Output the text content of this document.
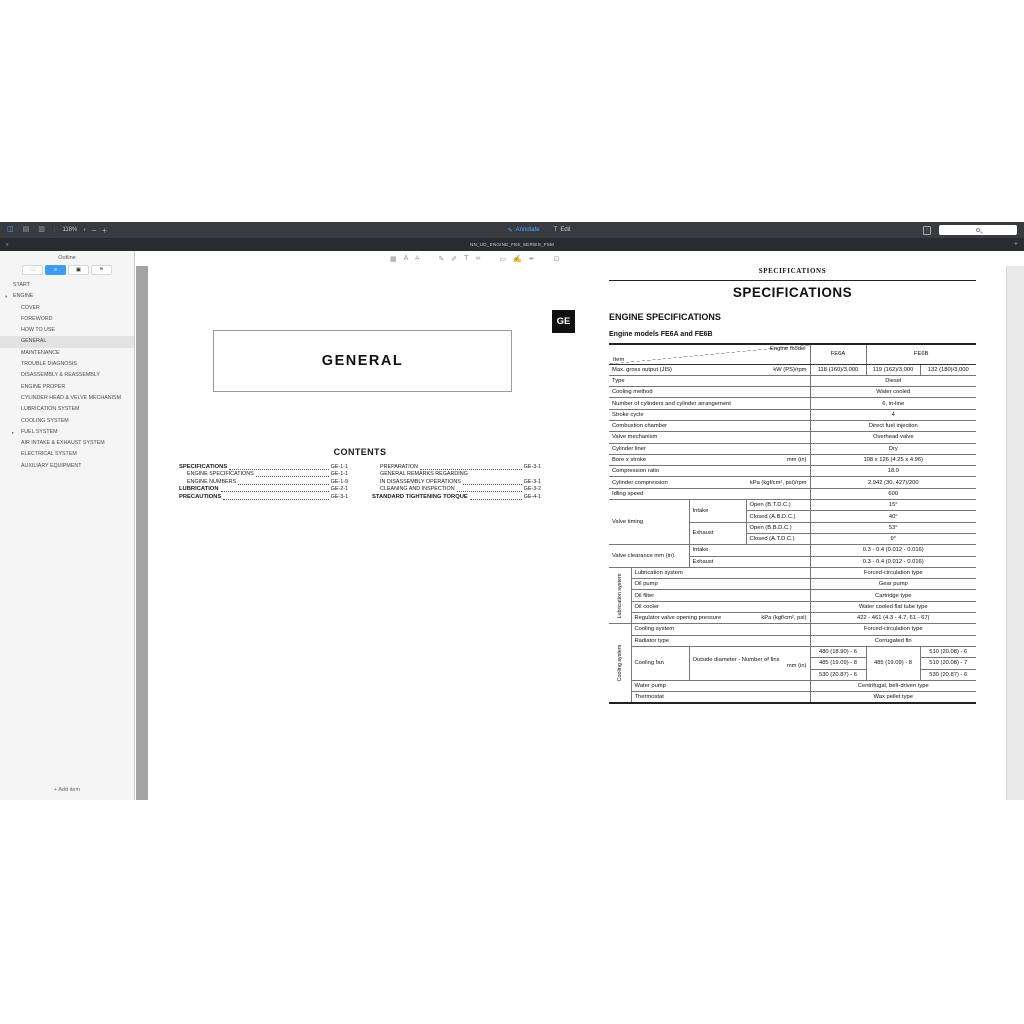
◫ ▤ ▥ | 118% ▾ − +	✎ Annotate T Edit	↑
x	NN_UD_ENGINE_FE6_SERIES_FSM	+
Outline
□	≡	▣	⚑
START
▾ ENGINE
COVER
FOREWORD
HOW TO USE
GENERAL
MAINTENANCE
TROUBLE DIAGNOSIS
DISASSEMBLY & REASSEMBLY
ENGINE PROPER
CYLINDER HEAD & VELVE MECHANISM
LUBRICATION SYSTEM
COOLING SYSTEM
▸ FUEL SYSTEM
AIR INTAKE & EXHAUST SYSTEM
ELECTRICAL SYSTEM
AUXILIARY EQUIPMENT
+ Add item
▦ A A	✎ ✐ T ∞	▭ ✍ ✒	⊡
GENERAL
CONTENTS
SPECIFICATIONS	GE-1-1
ENGINE SPECIFICATIONS	GE-1-1
ENGINE NUMBERS	GE-1-9
LUBRICATION	GE-2-1
PRECAUTIONS	GE-3-1
PREPARATION	GE-3-1
GENERAL REMARKS REGARDING
IN DISASSEMBLY OPERATIONS	GE-3-1
CLEANING AND INSPECTION	GE-3-2
STANDARD TIGHTENING TORQUE	GE-4-1
SPECIFICATIONS
SPECIFICATIONS
GE	ENGINE SPECIFICATIONS
Engine models FE6A and FE6B
Engine model
Item				FE6A	FE6B	
Max. gross output (JIS)			kW (PS)/rpm	118 (160)/3,000	119 (162)/3,000	132 (180)/3,000
Type				Diesel		
Cooling method				Water cooled		
Number of cylinders and cylinder arrangement				6, in-line		
Stroke cycle				4		
Combustion chamber				Direct fuel injection		
Valve mechanism				Overhead valve		
Cylinder liner				Dry		
Bore x stroke			mm (in)	108 x 126 (4.25 x 4.96)		
Compression ratio				18.0		
Cylinder compression		kPa (kgf/cm², psi)/rpm		2,942 (30, 427)/200		
Idling speed				600		
Valve timing		Intake	Open (B.T.D.C.)	15°		
			Closed (A.B.D.C.)	40°		
		Exhaust	Open (B.B.D.C.)	53°		
			Closed (A.T.D.C.)	9°		
Valve clearance mm (in)		Intake		0.3 - 0.4 (0.012 - 0.016)		
		Exhaust		0.3 - 0.4 (0.012 - 0.016)		

Lubrication system	Lubrication system			Forced-circulation type		
	Oil pump			Gear pump		
	Oil filter			Cartridge type		
	Oil cooler			Water cooled flat tube type		
	Regulator valve opening pressure		kPa (kgf/cm², psi)	422 - 461 (4.3 - 4.7, 61 - 67)		

Cooling system	Cooling system			Forced-circulation type		
	Radiator type			Corrugated fin		
	Cooling fan	Outside diameter - Number of fins
mm (in)		480 (18.90) - 6	485 (19.09) - 8	510 (20.08) - 6
				485 (19.09) - 8		510 (20.08) - 7
				530 (20.87) - 6		530 (20.87) - 6
	Water pump			Centrifugal, belt-driven type		
	Thermostat			Wax pellet type		
